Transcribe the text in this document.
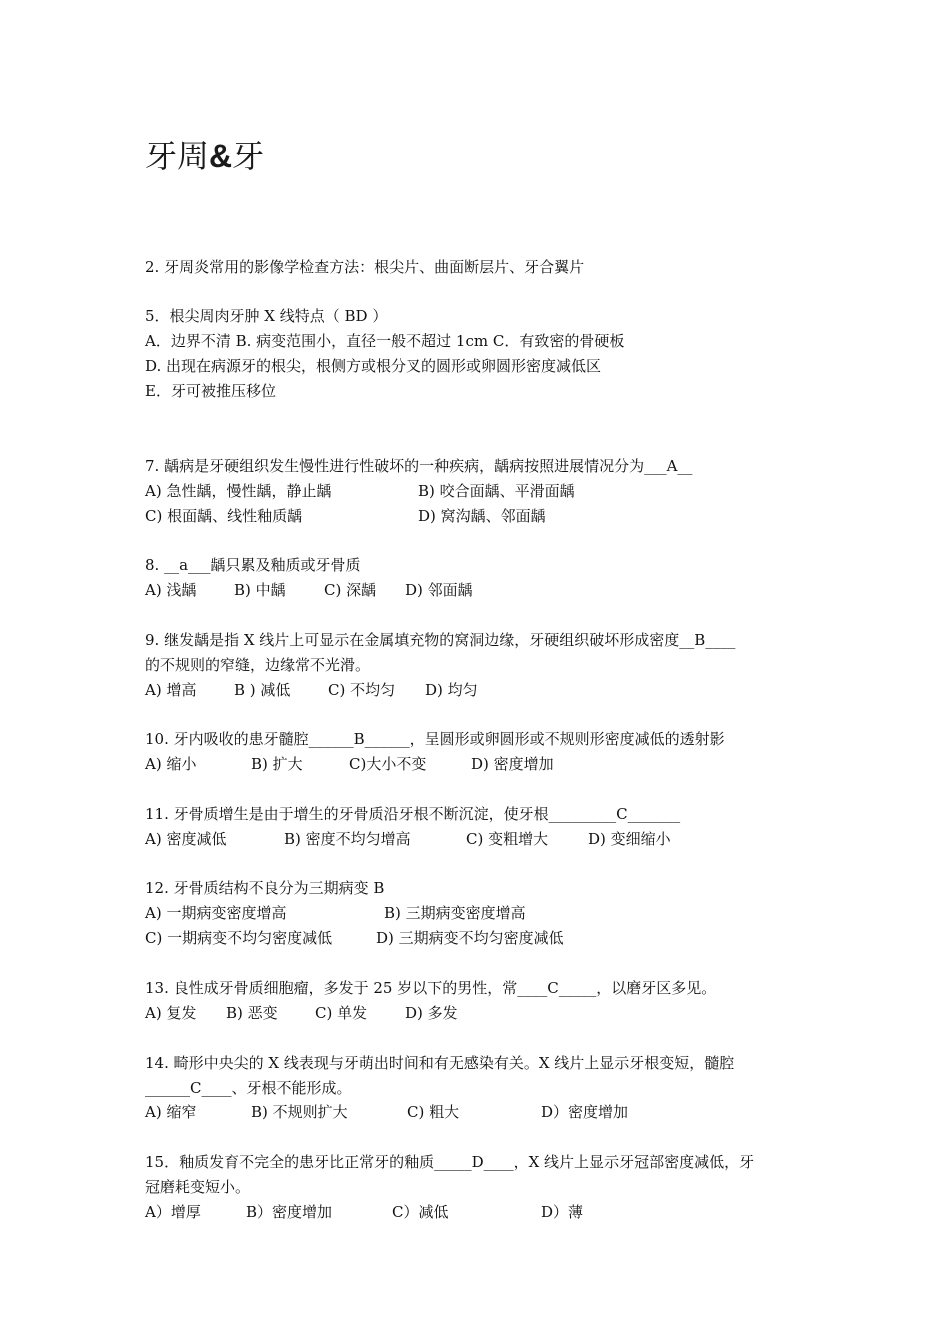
牙周&牙
2. 牙周炎常用的影像学检查方法：根尖片、曲面断层片、牙合翼片
5．根尖周肉牙肿 X 线特点（ BD ）
A．边界不清 B. 病变范围小，直径一般不超过 1cm C．有致密的骨硬板
D. 出现在病源牙的根尖，根侧方或根分叉的圆形或卵圆形密度减低区
E．牙可被推压移位
7. 龋病是牙硬组织发生慢性进行性破坏的一种疾病，龋病按照进展情况分为___A__
A) 急性龋，慢性龋，静止龋	B) 咬合面龋、平滑面龋
C) 根面龋、线性釉质龋	D) 窝沟龋、邻面龋
8. __a___龋只累及釉质或牙骨质
A) 浅龋	B) 中龋	C) 深龋 D) 邻面龋
9. 继发龋是指 X 线片上可显示在金属填充物的窝洞边缘，牙硬组织破坏形成密度__B____
的不规则的窄缝，边缘常不光滑。
A) 增高	B ) 减低	C) 不均匀 D) 均匀
10. 牙内吸收的患牙髓腔______B______，呈圆形或卵圆形或不规则形密度减低的透射影
A) 缩小	B) 扩大	C)大小不变	D) 密度增加
11. 牙骨质增生是由于增生的牙骨质沿牙根不断沉淀，使牙根_________C_______
A) 密度减低	B) 密度不均匀增高	C) 变粗增大	D) 变细缩小
12. 牙骨质结构不良分为三期病变 B
A) 一期病变密度增高	B) 三期病变密度增高
C) 一期病变不均匀密度减低	D) 三期病变不均匀密度减低
13. 良性成牙骨质细胞瘤，多发于 25 岁以下的男性，常____C_____，以磨牙区多见。
A) 复发 B) 恶变 C) 单发	D) 多发
14. 畸形中央尖的 X 线表现与牙萌出时间和有无感染有关。X 线片上显示牙根变短，髓腔
______C____、牙根不能形成。
A) 缩窄	B) 不规则扩大	C) 粗大	D）密度增加
15．釉质发育不完全的患牙比正常牙的釉质_____D____，X 线片上显示牙冠部密度减低，牙
冠磨耗变短小。
A）增厚	B）密度增加	C）减低	D）薄
